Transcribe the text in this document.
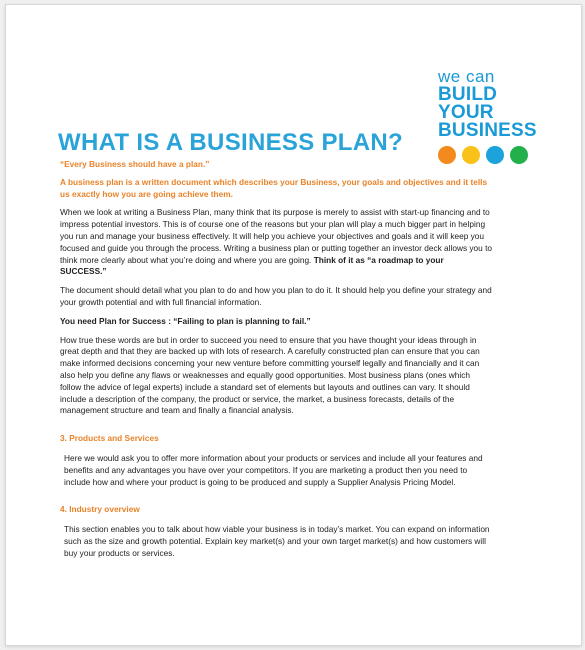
we can
BUILD
YOUR
BUSINESS
WHAT IS A BUSINESS PLAN?

“Every Business should have a plan.”

A business plan is a written document which describes your Business, your goals and objectives and it tells us exactly how you are going achieve them.

When we look at writing a Business Plan, many think that its purpose is merely to assist with start-up financing and to impress potential investors. This is of course one of the reasons but your plan will play a much bigger part in helping you run and manage your business effectively. It will help you achieve your objectives and goals and it will keep you focused and guide you through the process. Writing a business plan or putting together an investor deck allows you to think more clearly about what you’re doing and where you are going. Think of it as “a roadmap to your SUCCESS.”

The document should detail what you plan to do and how you plan to do it. It should help you define your strategy and your growth potential and with full financial information.

You need Plan for Success : “Failing to plan is planning to fail.”

How true these words are but in order to succeed you need to ensure that you have thought your ideas through in great depth and that they are backed up with lots of research. A carefully constructed plan can ensure that you can make informed decisions concerning your new venture before committing yourself legally and financially and it can also help you define any flaws or weaknesses and equally good opportunities. Most business plans (ones which follow the advice of legal experts) include a standard set of elements but layouts and outlines can vary. It should include a description of the company, the product or service, the market, a business forecasts, details of the management structure and team and finally a financial analysis.

3. Products and Services

Here we would ask you to offer more information about your products or services and include all your features and benefits and any advantages you have over your competitors. If you are marketing a product then you need to include how and where your product is going to be produced and supply a Supplier Analysis Pricing Model.

4. Industry overview

This section enables you to talk about how viable your business is in today’s market. You can expand on information such as the size and growth potential. Explain key market(s) and your own target market(s) and how customers will buy your products or services.
